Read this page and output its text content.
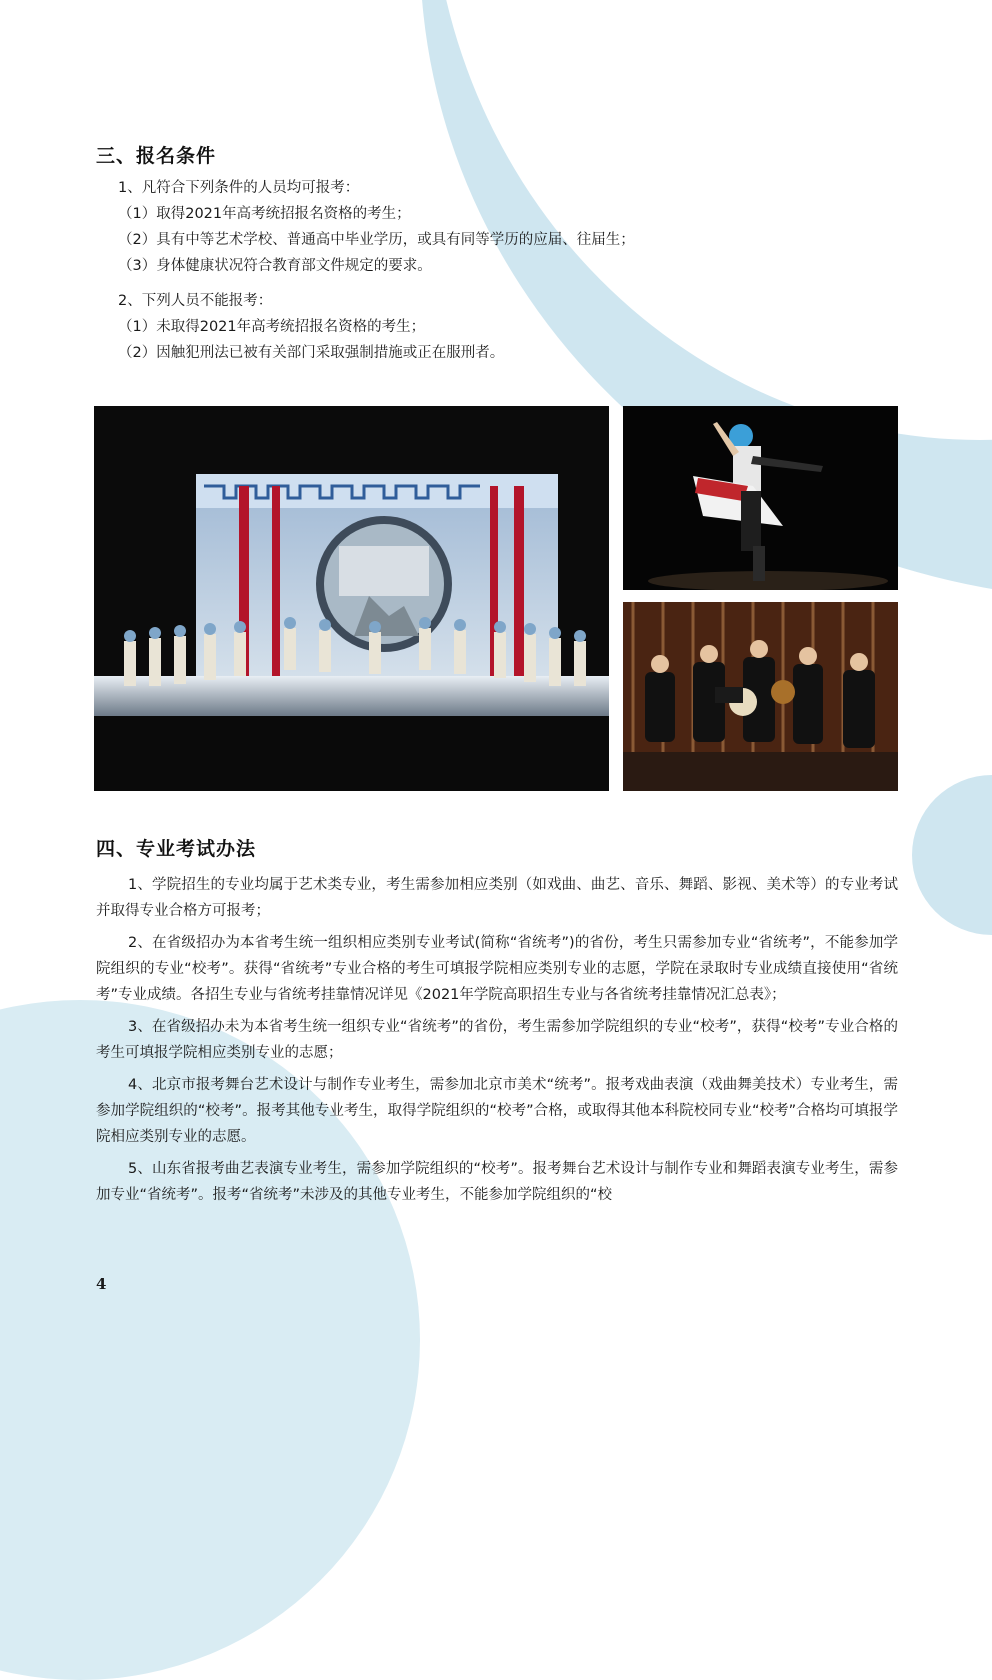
三、报名条件
1、凡符合下列条件的人员均可报考：
（1）取得2021年高考统招报名资格的考生；
（2）具有中等艺术学校、普通高中毕业学历，或具有同等学历的应届、往届生；
（3）身体健康状况符合教育部文件规定的要求。
2、下列人员不能报考：
（1）未取得2021年高考统招报名资格的考生；
（2）因触犯刑法已被有关部门采取强制措施或正在服刑者。
四、专业考试办法

1、学院招生的专业均属于艺术类专业，考生需参加相应类别（如戏曲、曲艺、音乐、舞蹈、影视、美术等）的专业考试并取得专业合格方可报考；

2、在省级招办为本省考生统一组织相应类别专业考试(简称“省统考”)的省份，考生只需参加专业“省统考”，不能参加学院组织的专业“校考”。获得“省统考”专业合格的考生可填报学院相应类别专业的志愿，学院在录取时专业成绩直接使用“省统考”专业成绩。各招生专业与省统考挂靠情况详见《2021年学院高职招生专业与各省统考挂靠情况汇总表》；

3、在省级招办未为本省考生统一组织专业“省统考”的省份，考生需参加学院组织的专业“校考”，获得“校考”专业合格的考生可填报学院相应类别专业的志愿；

4、北京市报考舞台艺术设计与制作专业考生，需参加北京市美术“统考”。报考戏曲表演（戏曲舞美技术）专业考生，需参加学院组织的“校考”。报考其他专业考生，取得学院组织的“校考”合格，或取得其他本科院校同专业“校考”合格均可填报学院相应类别专业的志愿。

5、山东省报考曲艺表演专业考生，需参加学院组织的“校考”。报考舞台艺术设计与制作专业和舞蹈表演专业考生，需参加专业“省统考”。报考“省统考”未涉及的其他专业考生，不能参加学院组织的“校

4
